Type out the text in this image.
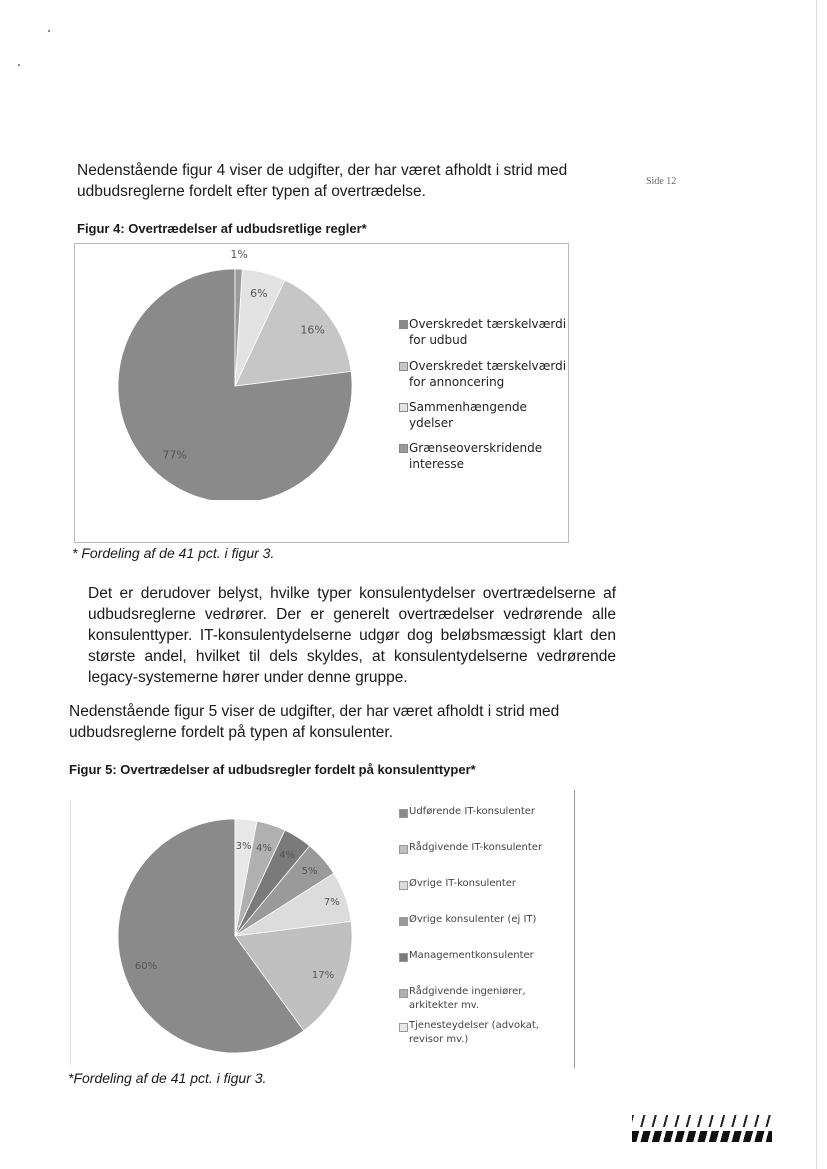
Side 12
Nedenstående figur 4 viser de udgifter, der har været afholdt i strid med udbudsreglerne fordelt efter typen af overtrædelse.
Figur 4: Overtrædelser af udbudsretlige regler*
77%
16%
6%
1%
Overskredet tærskelværdi for udbud
Overskredet tærskelværdi for annoncering
Sammenhængende ydelser
Grænseoverskridende interesse
* Fordeling af de 41 pct. i figur 3.
Det er derudover belyst, hvilke typer konsulentydelser overtrædelserne af udbudsreglerne vedrører. Der er generelt overtrædelser vedrørende alle konsulenttyper. IT-konsulentydelserne udgør dog beløbsmæssigt klart den største andel, hvilket til dels skyldes, at konsulentydelserne vedrørende legacy-systemerne hører under denne gruppe.
Nedenstående figur 5 viser de udgifter, der har været afholdt i strid med udbudsreglerne fordelt på typen af konsulenter.
Figur 5: Overtrædelser af udbudsregler fordelt på konsulenttyper*
60%
17%
7%
5%
4%
4%
3%
Udførende IT-konsulenter
Rådgivende IT-konsulenter
Øvrige IT-konsulenter
Øvrige konsulenter (ej IT)
Managementkonsulenter
Rådgivende ingeniører, arkitekter mv.
Tjenesteydelser (advokat, revisor mv.)
*Fordeling af de 41 pct. i figur 3.
